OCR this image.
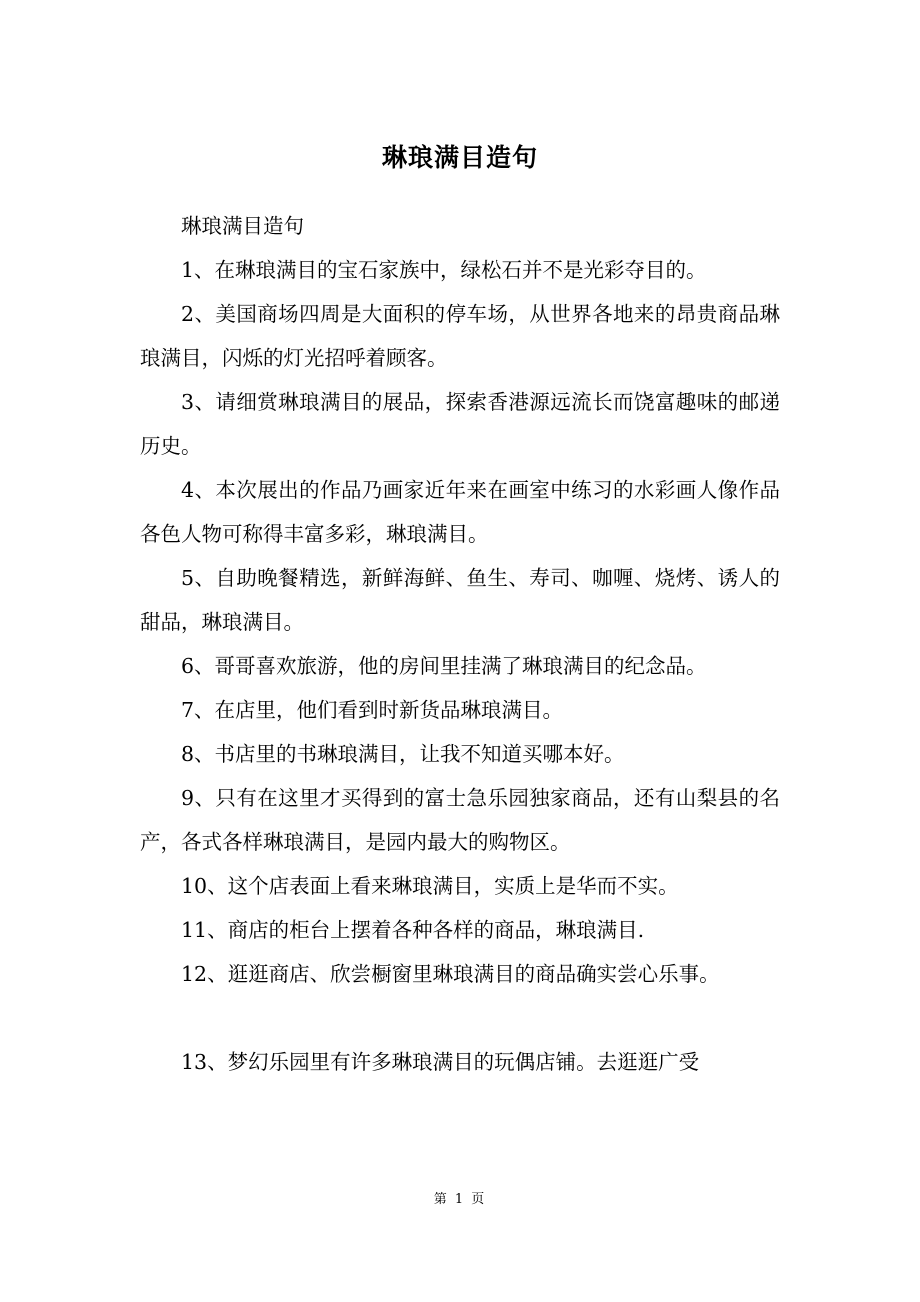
琳琅满目造句

琳琅满目造句

1、在琳琅满目的宝石家族中，绿松石并不是光彩夺目的。

2、美国商场四周是大面积的停车场，从世界各地来的昂贵商品琳琅满目，闪烁的灯光招呼着顾客。

3、请细赏琳琅满目的展品，探索香港源远流长而饶富趣味的邮递历史。

4、本次展出的作品乃画家近年来在画室中练习的水彩画人像作品各色人物可称得丰富多彩，琳琅满目。

5、自助晚餐精选，新鲜海鲜、鱼生、寿司、咖喱、烧烤、诱人的甜品，琳琅满目。

6、哥哥喜欢旅游，他的房间里挂满了琳琅满目的纪念品。

7、在店里，他们看到时新货品琳琅满目。

8、书店里的书琳琅满目，让我不知道买哪本好。

9、只有在这里才买得到的富士急乐园独家商品，还有山梨县的名产，各式各样琳琅满目，是园内最大的购物区。

10、这个店表面上看来琳琅满目，实质上是华而不实。

11、商店的柜台上摆着各种各样的商品，琳琅满目.

12、逛逛商店、欣尝橱窗里琳琅满目的商品确实尝心乐事。

13、梦幻乐园里有许多琳琅满目的玩偶店铺。去逛逛广受

第 1 页
